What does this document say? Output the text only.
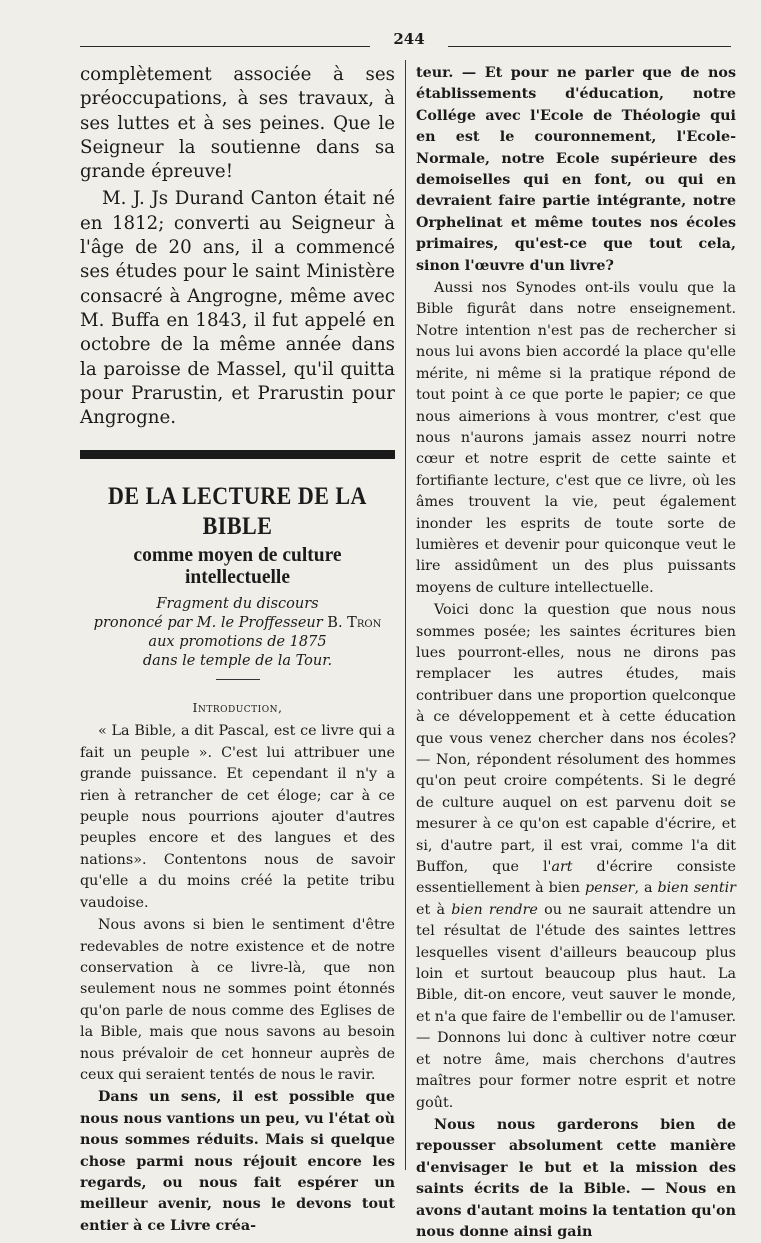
244

complètement associée à ses préoccupations, à ses travaux, à ses luttes et à ses peines. Que le Seigneur la soutienne dans sa grande épreuve!

M. J. Js Durand Canton était né en 1812; converti au Seigneur à l'âge de 20 ans, il a commencé ses études pour le saint Ministère consacré à Angrogne, même avec M. Buffa en 1843, il fut appelé en octobre de la même année dans la paroisse de Massel, qu'il quitta pour Prarustin, et Prarustin pour Angrogne.

DE LA LECTURE DE LA BIBLE
comme moyen de culture intellectuelle
Fragment du discours
prononcé par M. le Proffesseur B. Tron
aux promotions de 1875
dans le temple de la Tour.
Introduction,

« La Bible, a dit Pascal, est ce livre qui a fait un peuple ». C'est lui attribuer une grande puissance. Et cependant il n'y a rien à retrancher de cet éloge; car à ce peuple nous pourrions ajouter d'autres peuples encore et des langues et des nations». Contentons nous de savoir qu'elle a du moins créé la petite tribu vaudoise.

Nous avons si bien le sentiment d'être redevables de notre existence et de notre conservation à ce livre-là, que non seulement nous ne sommes point étonnés qu'on parle de nous comme des Eglises de la Bible, mais que nous savons au besoin nous prévaloir de cet honneur auprès de ceux qui seraient tentés de nous le ravir.

Dans un sens, il est possible que nous nous vantions un peu, vu l'état où nous sommes réduits. Mais si quelque chose parmi nous réjouit encore les regards, ou nous fait espérer un meilleur avenir, nous le devons tout entier à ce Livre créa-

teur. — Et pour ne parler que de nos établissements d'éducation, notre Collége avec l'Ecole de Théologie qui en est le couronnement, l'Ecole-Normale, notre Ecole supérieure des demoiselles qui en font, ou qui en devraient faire partie intégrante, notre Orphelinat et même toutes nos écoles primaires, qu'est-ce que tout cela, sinon l'œuvre d'un livre?

Aussi nos Synodes ont-ils voulu que la Bible figurât dans notre enseignement. Notre intention n'est pas de rechercher si nous lui avons bien accordé la place qu'elle mérite, ni même si la pratique répond de tout point à ce que porte le papier; ce que nous aimerions à vous montrer, c'est que nous n'aurons jamais assez nourri notre cœur et notre esprit de cette sainte et fortifiante lecture, c'est que ce livre, où les âmes trouvent la vie, peut également inonder les esprits de toute sorte de lumières et devenir pour quiconque veut le lire assidûment un des plus puissants moyens de culture intellectuelle.

Voici donc la question que nous nous sommes posée; les saintes écritures bien lues pourront-elles, nous ne dirons pas remplacer les autres études, mais contribuer dans une proportion quelconque à ce développement et à cette éducation que vous venez chercher dans nos écoles? — Non, répondent résolument des hommes qu'on peut croire compétents. Si le degré de culture auquel on est parvenu doit se mesurer à ce qu'on est capable d'écrire, et si, d'autre part, il est vrai, comme l'a dit Buffon, que l'art d'écrire consiste essentiellement à bien penser, a bien sentir et à bien rendre ou ne saurait attendre un tel résultat de l'étude des saintes lettres lesquelles visent d'ailleurs beaucoup plus loin et surtout beaucoup plus haut. La Bible, dit-on encore, veut sauver le monde, et n'a que faire de l'embellir ou de l'amuser. — Donnons lui donc à cultiver notre cœur et notre âme, mais cherchons d'autres maîtres pour former notre esprit et notre goût.

Nous nous garderons bien de repousser absolument cette manière d'envisager le but et la mission des saints écrits de la Bible. — Nous en avons d'autant moins la tentation qu'on nous donne ainsi gain
